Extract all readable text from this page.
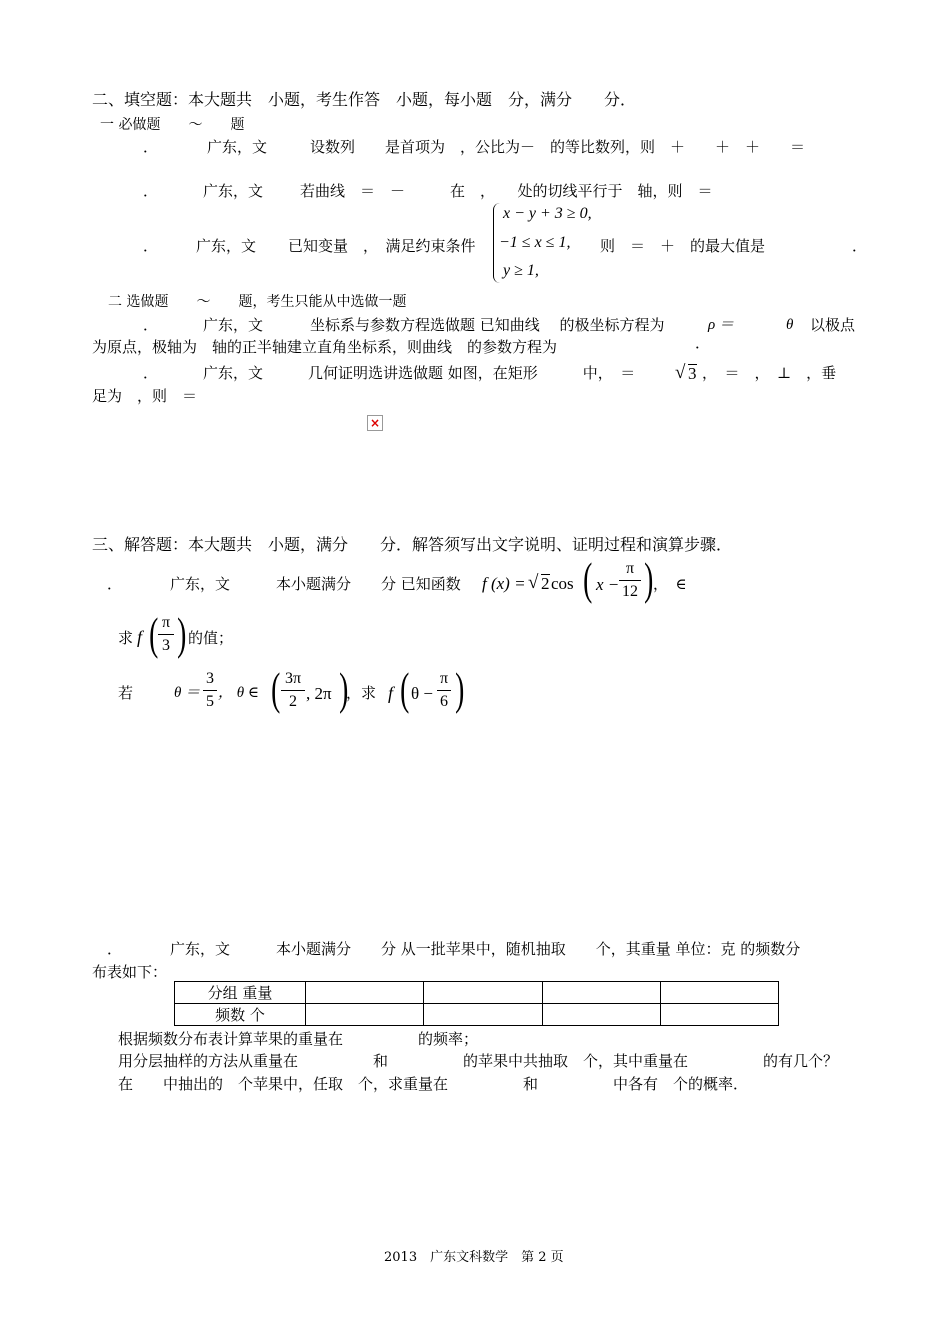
二、填空题：本大题共　小题，考生作答　小题，每小题　分，满分　　分．
一 必做题　　～　　题
．	广东，文	设数列　　是首项为　，公比为－　的等比数列，则　＋　　＋　＋　　＝
．	广东，文 若曲线　＝　－　　　在　，　　处的切线平行于　轴，则　＝
．	广东，文 已知变量　，　满足约束条件
x − y + 3 ≥ 0,
−1 ≤ x ≤ 1,
y ≥ 1,
则　＝　＋　的最大值是	．
二 选做题　　～　　题，考生只能从中选做一题
．	广东，文	坐标系与参数方程选做题 已知曲线　 的极坐标方程为	ρ ＝	θ 以极点
为原点，极轴为　轴的正半轴建立直角坐标系，则曲线　的参数方程为	．
．	广东，文	几何证明选讲选做题 如图，在矩形　　　中，　＝ √ 3 ，　＝　，　⊥　，垂
足为　，则　＝
×
三、解答题：本大题共　小题，满分　　分．解答须写出文字说明、证明过程和演算步骤．
．	广东，文	本小题满分　　分 已知函数 f (x) = √ 2 cos ( x −
π
12 ) ，　∈
求 f ( π
3 ) 的值；
若	θ ＝
3
5 ， θ ∈ ( 3π
2 , 2π )
，求 f ( θ −
π
6 )
．	广东，文	本小题满分　　分 从一批苹果中，随机抽取　　个，其重量 单位：克 的频数分
布表如下：
分组 重量				
频数 个				
根据频数分布表计算苹果的重量在　　　　　的频率；
用分层抽样的方法从重量在　　　　　和　　　　　的苹果中共抽取　个，其中重量在　　　　　的有几个？
在　　中抽出的　个苹果中，任取　个，求重量在　　　　　和　　　　　中各有　个的概率．
2013　广东文科数学　第 2 页
